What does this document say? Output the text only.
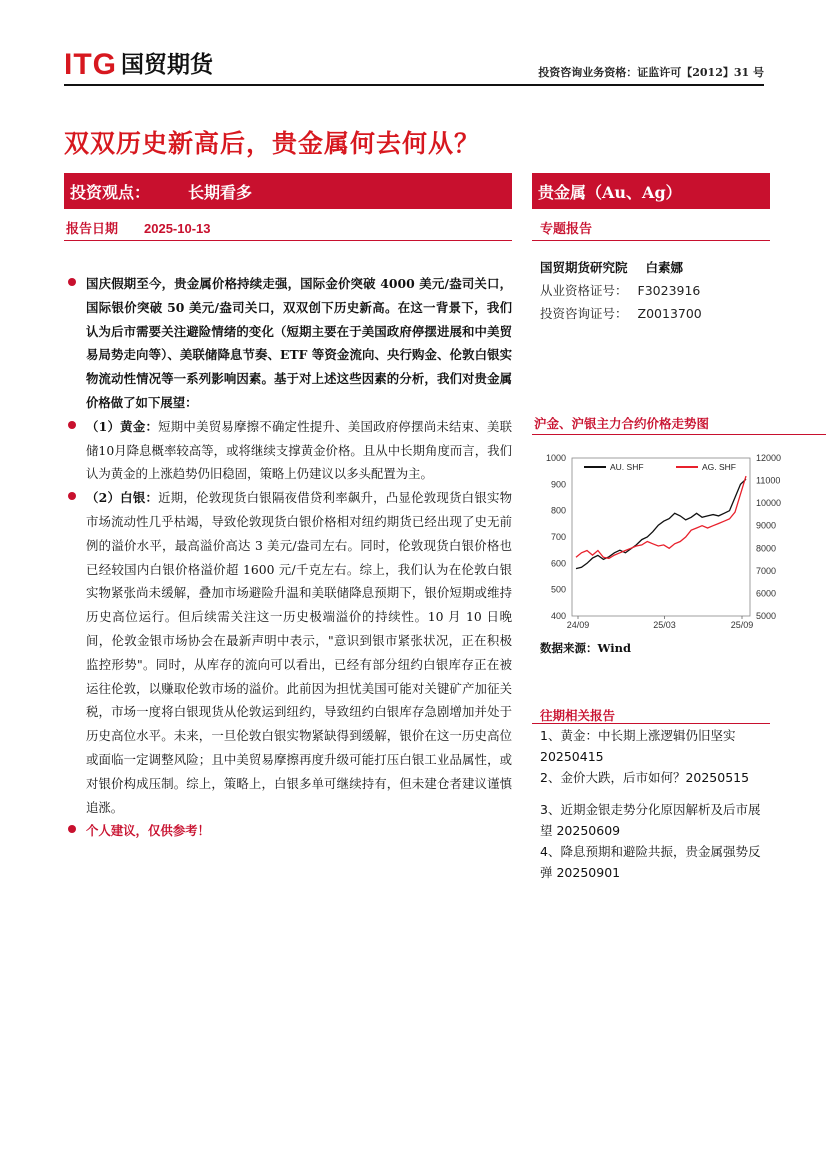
ITG 国贸期货	投资咨询业务资格：证监许可【2012】31 号
双双历史新高后，贵金属何去何从？
投资观点： 长期看多	贵金属（Au、Ag）
报告日期 2025-10-13	专题报告
国庆假期至今，贵金属价格持续走强，国际金价突破 4000 美元/盎司关口，国际银价突破 50 美元/盎司关口，双双创下历史新高。在这一背景下，我们认为后市需要关注避险情绪的变化（短期主要在于美国政府停摆进展和中美贸易局势走向等）、美联储降息节奏、ETF 等资金流向、央行购金、伦敦白银实物流动性情况等一系列影响因素。基于对上述这些因素的分析，我们对贵金属价格做了如下展望：
（1）黄金：短期中美贸易摩擦不确定性提升、美国政府停摆尚未结束、美联储10月降息概率较高等，或将继续支撑黄金价格。且从中长期角度而言，我们认为黄金的上涨趋势仍旧稳固，策略上仍建议以多头配置为主。
（2）白银：近期，伦敦现货白银隔夜借贷利率飙升，凸显伦敦现货白银实物市场流动性几乎枯竭，导致伦敦现货白银价格相对纽约期货已经出现了史无前例的溢价水平，最高溢价高达 3 美元/盎司左右。同时，伦敦现货白银价格也已经较国内白银价格溢价超 1600 元/千克左右。综上，我们认为在伦敦白银实物紧张尚未缓解，叠加市场避险升温和美联储降息预期下，银价短期或维持历史高位运行。但后续需关注这一历史极端溢价的持续性。10 月 10 日晚间，伦敦金银市场协会在最新声明中表示，"意识到银市紧张状况，正在积极监控形势"。同时，从库存的流向可以看出，已经有部分纽约白银库存正在被运往伦敦，以赚取伦敦市场的溢价。此前因为担忧美国可能对关键矿产加征关税，市场一度将白银现货从伦敦运到纽约，导致纽约白银库存急剧增加并处于历史高位水平。未来，一旦伦敦白银实物紧缺得到缓解，银价在这一历史高位或面临一定调整风险；且中美贸易摩擦再度升级可能打压白银工业品属性，或对银价构成压制。综上，策略上，白银多单可继续持有，但未建仓者建议谨慎追涨。
个人建议，仅供参考！
国贸期货研究院 白素娜
从业资格证号： F3023916
投资咨询证号： Z0013700
沪金、沪银主力合约价格走势图
1000
900
800
700
600
500
400
12000
11000
10000
9000
8000
7000
6000
5000
24/09	25/03	25/09
AU. SHF	AG. SHF
数据来源：Wind
往期相关报告
1、黄金：中长期上涨逻辑仍旧坚实 20250415
2、金价大跌，后市如何？20250515
3、近期金银走势分化原因解析及后市展望 20250609
4、降息预期和避险共振，贵金属强势反弹 20250901
